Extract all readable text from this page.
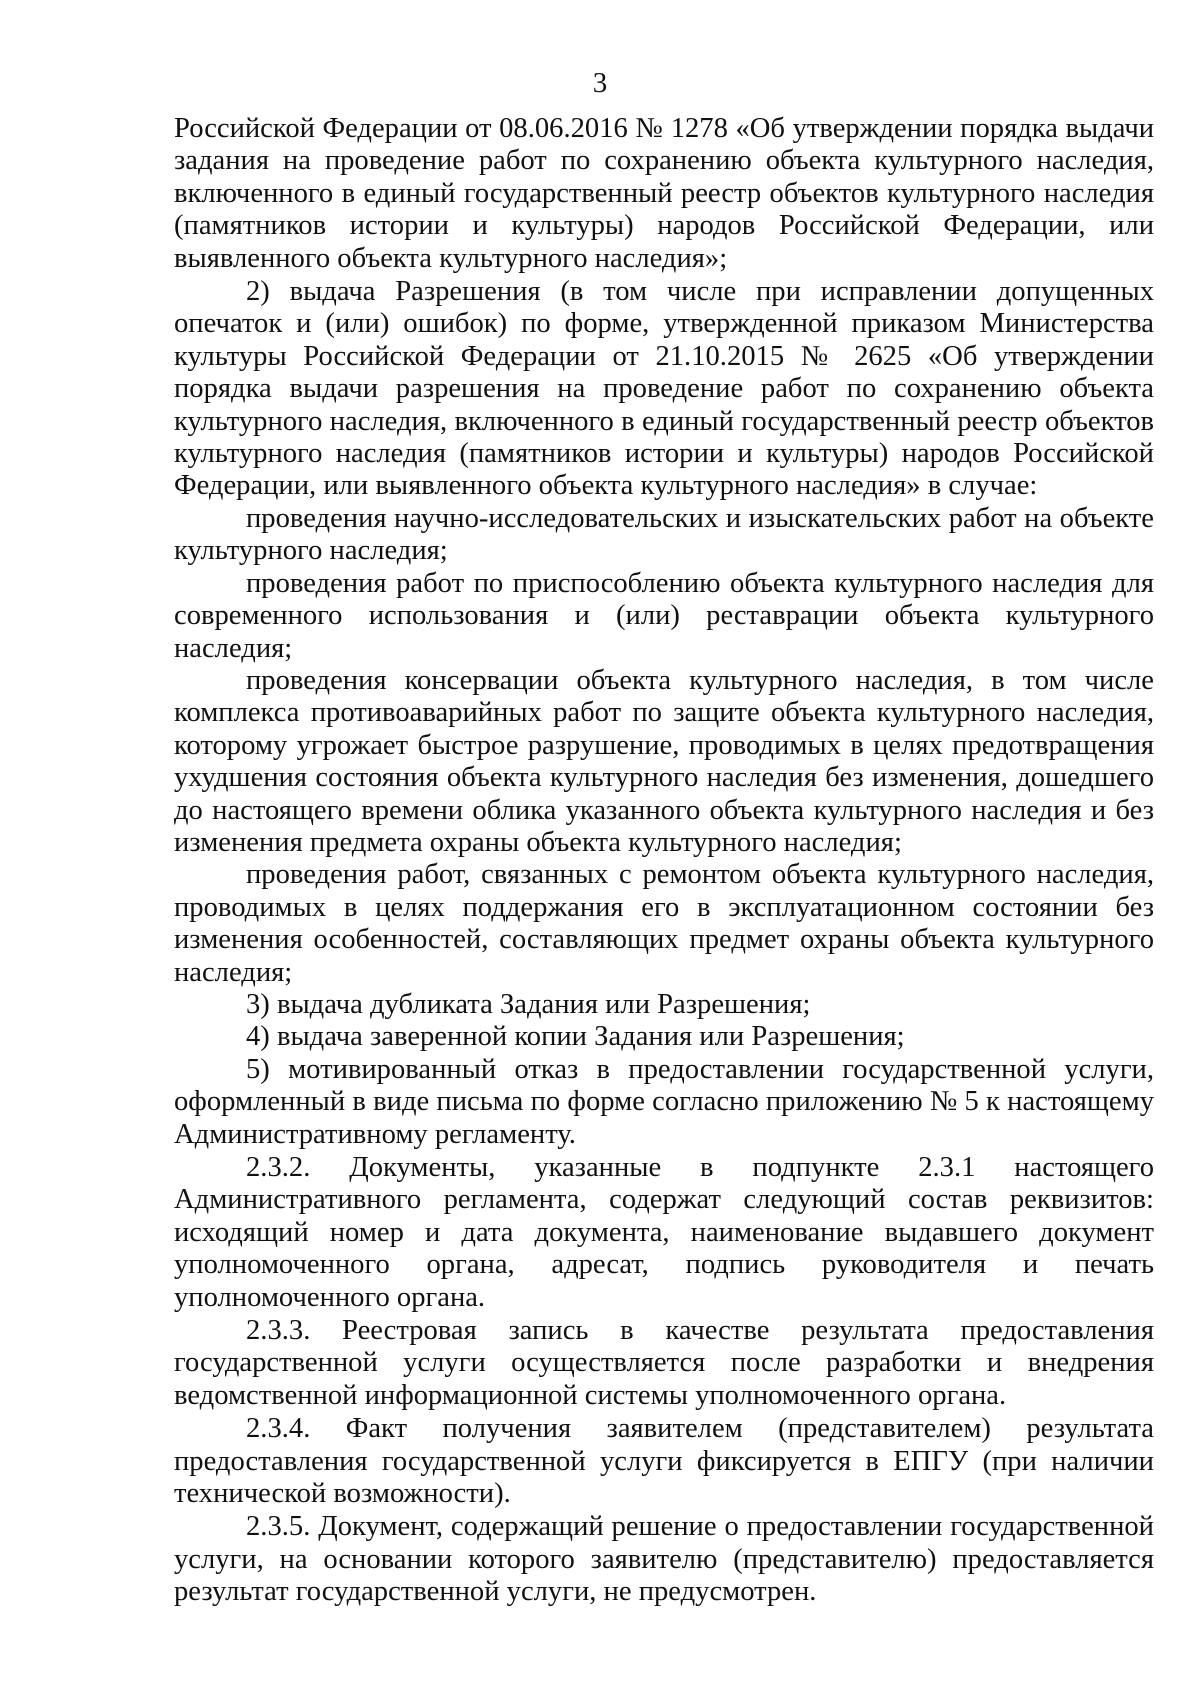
3

Российской Федерации от 08.06.2016 № 1278 «Об утверждении порядка выдачи задания на проведение работ по сохранению объекта культурного наследия, включенного в единый государственный реестр объектов культурного наследия (памятников истории и культуры) народов Российской Федерации, или выявленного объекта культурного наследия»;

2) выдача Разрешения (в том числе при исправлении допущенных опечаток и (или) ошибок) по форме, утвержденной приказом Министерства культуры Российской Федерации от 21.10.2015 № 2625 «Об утверждении порядка выдачи разрешения на проведение работ по сохранению объекта культурного наследия, включенного в единый государственный реестр объектов культурного наследия (памятников истории и культуры) народов Российской Федерации, или выявленного объекта культурного наследия» в случае:

проведения научно-исследовательских и изыскательских работ на объекте культурного наследия;

проведения работ по приспособлению объекта культурного наследия для современного использования и (или) реставрации объекта культурного наследия;

проведения консервации объекта культурного наследия, в том числе комплекса противоаварийных работ по защите объекта культурного наследия, которому угрожает быстрое разрушение, проводимых в целях предотвращения ухудшения состояния объекта культурного наследия без изменения, дошедшего до настоящего времени облика указанного объекта культурного наследия и без изменения предмета охраны объекта культурного наследия;

проведения работ, связанных с ремонтом объекта культурного наследия, проводимых в целях поддержания его в эксплуатационном состоянии без изменения особенностей, составляющих предмет охраны объекта культурного наследия;

3) выдача дубликата Задания или Разрешения;

4) выдача заверенной копии Задания или Разрешения;

5) мотивированный отказ в предоставлении государственной услуги, оформленный в виде письма по форме согласно приложению № 5 к настоящему Административному регламенту.

2.3.2. Документы, указанные в подпункте 2.3.1 настоящего Административного регламента, содержат следующий состав реквизитов: исходящий номер и дата документа, наименование выдавшего документ уполномоченного органа, адресат, подпись руководителя и печать уполномоченного органа.

2.3.3. Реестровая запись в качестве результата предоставления государственной услуги осуществляется после разработки и внедрения ведомственной информационной системы уполномоченного органа.

2.3.4. Факт получения заявителем (представителем) результата предоставления государственной услуги фиксируется в ЕПГУ (при наличии технической возможности).

2.3.5. Документ, содержащий решение о предоставлении государственной услуги, на основании которого заявителю (представителю) предоставляется результат государственной услуги, не предусмотрен.
